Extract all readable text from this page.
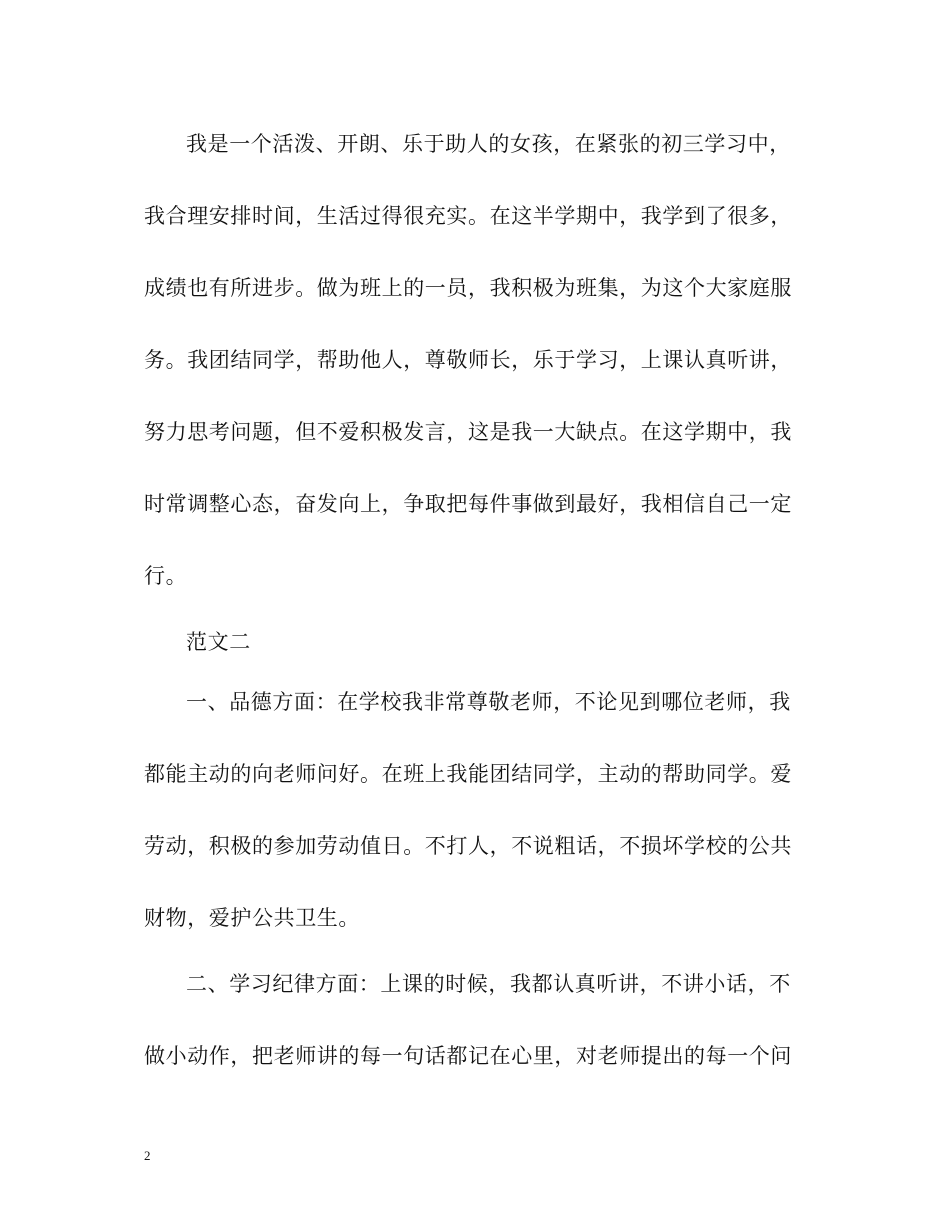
我是一个活泼、开朗、乐于助人的女孩，在紧张的初三学习中，
我合理安排时间，生活过得很充实。在这半学期中，我学到了很多，
成绩也有所进步。做为班上的一员，我积极为班集，为这个大家庭服
务。我团结同学，帮助他人，尊敬师长，乐于学习，上课认真听讲，
努力思考问题，但不爱积极发言，这是我一大缺点。在这学期中，我
时常调整心态，奋发向上，争取把每件事做到最好，我相信自己一定
行。
范文二
一、品德方面：在学校我非常尊敬老师，不论见到哪位老师，我
都能主动的向老师问好。在班上我能团结同学，主动的帮助同学。爱
劳动，积极的参加劳动值日。不打人，不说粗话，不损坏学校的公共
财物，爱护公共卫生。
二、学习纪律方面：上课的时候，我都认真听讲，不讲小话，不
做小动作，把老师讲的每一句话都记在心里，对老师提出的每一个问
2
